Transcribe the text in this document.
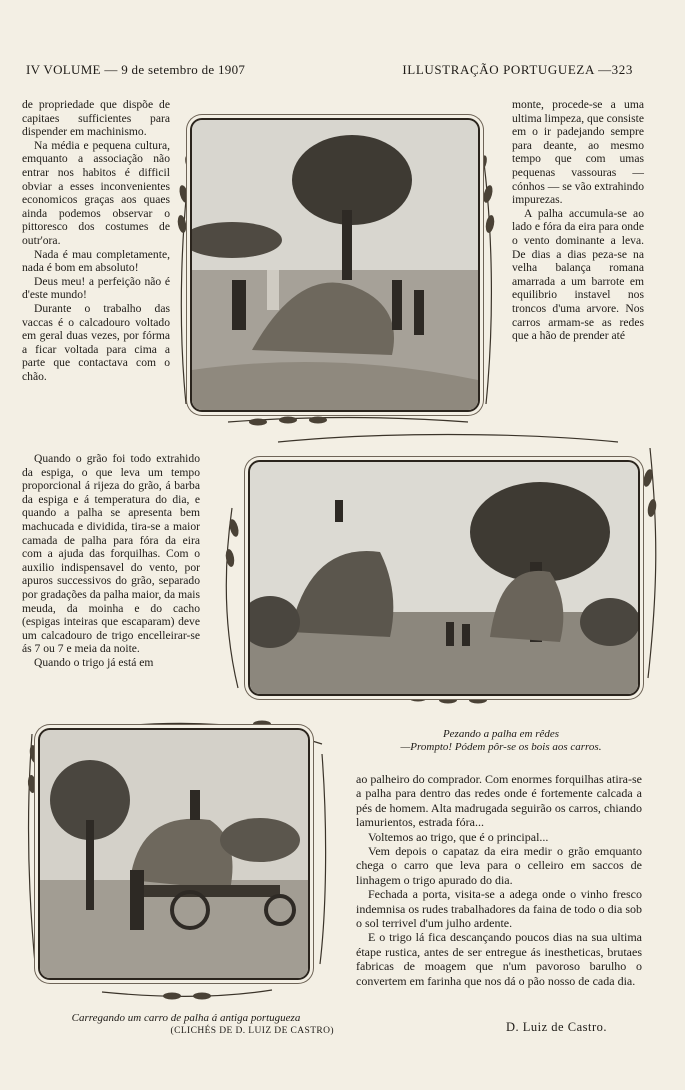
IV VOLUME — 9 de setembro de 1907	ILLUSTRAÇÃO PORTUGUEZA —323

de propriedade que dispõe de capitaes sufficientes para dispender em machinismo.

Na média e pequena cultura, emquanto a associação não entrar nos habitos é difficil obviar a esses inconvenientes economicos graças aos quaes ainda podemos observar o pittoresco dos costumes de outr'ora.

Nada é mau completamente, nada é bom em absoluto!

Deus meu! a perfeição não é d'este mundo!

Durante o trabalho das vaccas é o calcadouro voltado em geral duas vezes, por fórma a ficar voltada para cima a parte que contactava com o chão.

Quando o grão foi todo extrahido da espiga, o que leva um tempo proporcional á rijeza do grão, á barba da espiga e á temperatura do dia, e quando a palha se apresenta bem machucada e dividida, tira-se a maior camada de palha para fóra da eira com a ajuda das forquilhas. Com o auxilio indispensavel do vento, por apuros successivos do grão, separado por gradações da palha maior, da mais meuda, da moinha e do cacho (espigas inteiras que escaparam) deve um calcadouro de trigo encelleirar-se ás 7 ou 7 e meia da noite.

Quando o trigo já está em

monte, procede-se a uma ultima limpeza, que consiste em o ir padejando sempre para deante, ao mesmo tempo que com umas pequenas vassouras — cónhos — se vão extrahindo impurezas.

A palha accumula-se ao lado e fóra da eira para onde o vento dominante a leva. De dias a dias peza-se na velha balança romana amarrada a um barrote em equilibrio instavel nos troncos d'uma arvore. Nos carros armam-se as redes que a hão de prender até

Pezando a palha em rêdes
—Prompto! Pódem pôr-se os bois aos carros.
Carregando um carro de palha á antiga portugueza
(CLICHÉS DE D. LUIZ DE CASTRO)

ao palheiro do comprador. Com enormes forquilhas atira-se a palha para dentro das redes onde é fortemente calcada a pés de homem. Alta madrugada seguirão os carros, chiando lamurientos, estrada fóra...

Voltemos ao trigo, que é o principal...

Vem depois o capataz da eira medir o grão emquanto chega o carro que leva para o celleiro em saccos de linhagem o trigo apurado do dia.

Fechada a porta, visita-se a adega onde o vinho fresco indemnisa os rudes trabalhadores da faina de todo o dia sob o sol terrivel d'um julho ardente.

E o trigo lá fica descançando poucos dias na sua ultima étape rustica, antes de ser entregue ás inestheticas, brutaes fabricas de moagem que n'um pavoroso barulho o convertem em farinha que nos dá o pão nosso de cada dia.

D. Luiz de Castro.
